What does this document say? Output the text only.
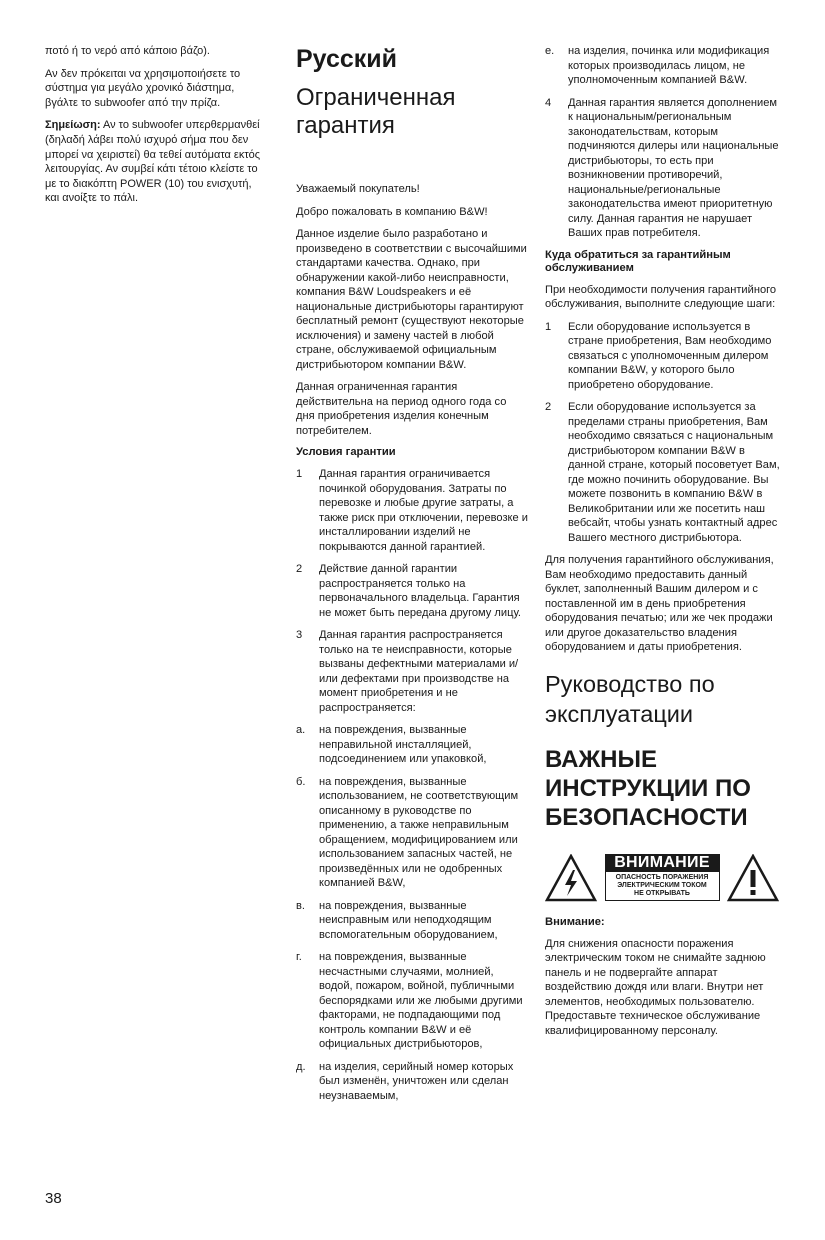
ποτό ή το νερό από κάποιο βάζο).

Αν δεν πρόκειται να χρησιμοποιήσετε το σύστημα για μεγάλο χρονικό διάστημα, βγάλτε το subwoofer από την πρίζα.

Σημείωση: Αν το subwoofer υπερθερμανθεί (δηλαδή λάβει πολύ ισχυρό σήμα που δεν μπορεί να χειριστεί) θα τεθεί αυτόματα εκτός λειτουργίας. Αν συμβεί κάτι τέτοιο κλείστε το με το διακόπτη POWER (10) του ενισχυτή, και ανοίξτε το πάλι.

Русский
Ограниченная гарантия

Уважаемый покупатель!

Добро пожаловать в компанию B&W!

Данное изделие было разработано и произведено в соответствии с высочайшими стандартами качества. Однако, при обнаружении какой-либо неисправности, компания B&W Loudspeakers и её национальные дистрибьюторы гарантируют бесплатный ремонт (существуют некоторые исключения) и замену частей в любой стране, обслуживаемой официальным дистрибьютором компании B&W.

Данная ограниченная гарантия действительна на период одного года со дня приобретения изделия конечным потребителем.

Условия гарантии
1	Данная гарантия ограничивается починкой оборудования. Затраты по перевозке и любые другие затраты, а также риск при отключении, перевозке и инсталлировании изделий не покрываются данной гарантией.
2	Действие данной гарантии распространяется только на первоначального владельца. Гарантия не может быть передана другому лицу.
3	Данная гарантия распространяется только на те неисправности, которые вызваны дефектными материалами и/или дефектами при производстве на момент приобретения и не распространяется:
а.	на повреждения, вызванные неправильной инсталляцией, подсоединением или упаковкой,
б.	на повреждения, вызванные использованием, не соответствующим описанному в руководстве по применению, а также неправильным обращением, модифицированием или использованием запасных частей, не произведённых или не одобренных компанией B&W,
в.	на повреждения, вызванные неисправным или неподходящим вспомогательным оборудованием,
г.	на повреждения, вызванные несчастными случаями, молнией, водой, пожаром, войной, публичными беспорядками или же любыми другими факторами, не подпадающими под контроль компании B&W и её официальных дистрибьюторов,
д.	на изделия, серийный номер которых был изменён, уничтожен или сделан неузнаваемым,
е.	на изделия, починка или модификация которых производилась лицом, не уполномоченным компанией B&W.
4	Данная гарантия является дополнением к национальным/региональным законодательствам, которым подчиняются дилеры или национальные дистрибьюторы, то есть при возникновении противоречий, национальные/региональные законодательства имеют приоритетную силу. Данная гарантия не нарушает Ваших прав потребителя.
Куда обратиться за гарантийным обслуживанием

При необходимости получения гарантийного обслуживания, выполните следующие шаги:

1	Если оборудование используется в стране приобретения, Вам необходимо связаться с уполномоченным дилером компании B&W, у которого было приобретено оборудование.
2	Если оборудование используется за пределами страны приобретения, Вам необходимо связаться с национальным дистрибьютором компании B&W в данной стране, который посоветует Вам, где можно починить оборудование. Вы можете позвонить в компанию B&W в Великобритании или же посетить наш вебсайт, чтобы узнать контактный адрес Вашего местного дистрибьютора.

Для получения гарантийного обслуживания, Вам необходимо предоставить данный буклет, заполненный Вашим дилером и с поставленной им в день приобретения оборудования печатью; или же чек продажи или другое доказательство владения оборудованием и даты приобретения.

Руководство по эксплуатации
ВАЖНЫЕ ИНСТРУКЦИИ ПО БЕЗОПАСНОСТИ
ВНИМАНИЕ
ОПАСНОСТЬ ПОРАЖЕНИЯ
ЭЛЕКТРИЧЕСКИМ ТОКОМ
НЕ ОТКРЫВАТЬ
Внимание:

Для снижения опасности поражения электрическим током не снимайте заднюю панель и не подвергайте аппарат воздействию дождя или влаги. Внутри нет элементов, необходимых пользователю. Предоставьте техническое обслуживание квалифицированному персоналу.

38
